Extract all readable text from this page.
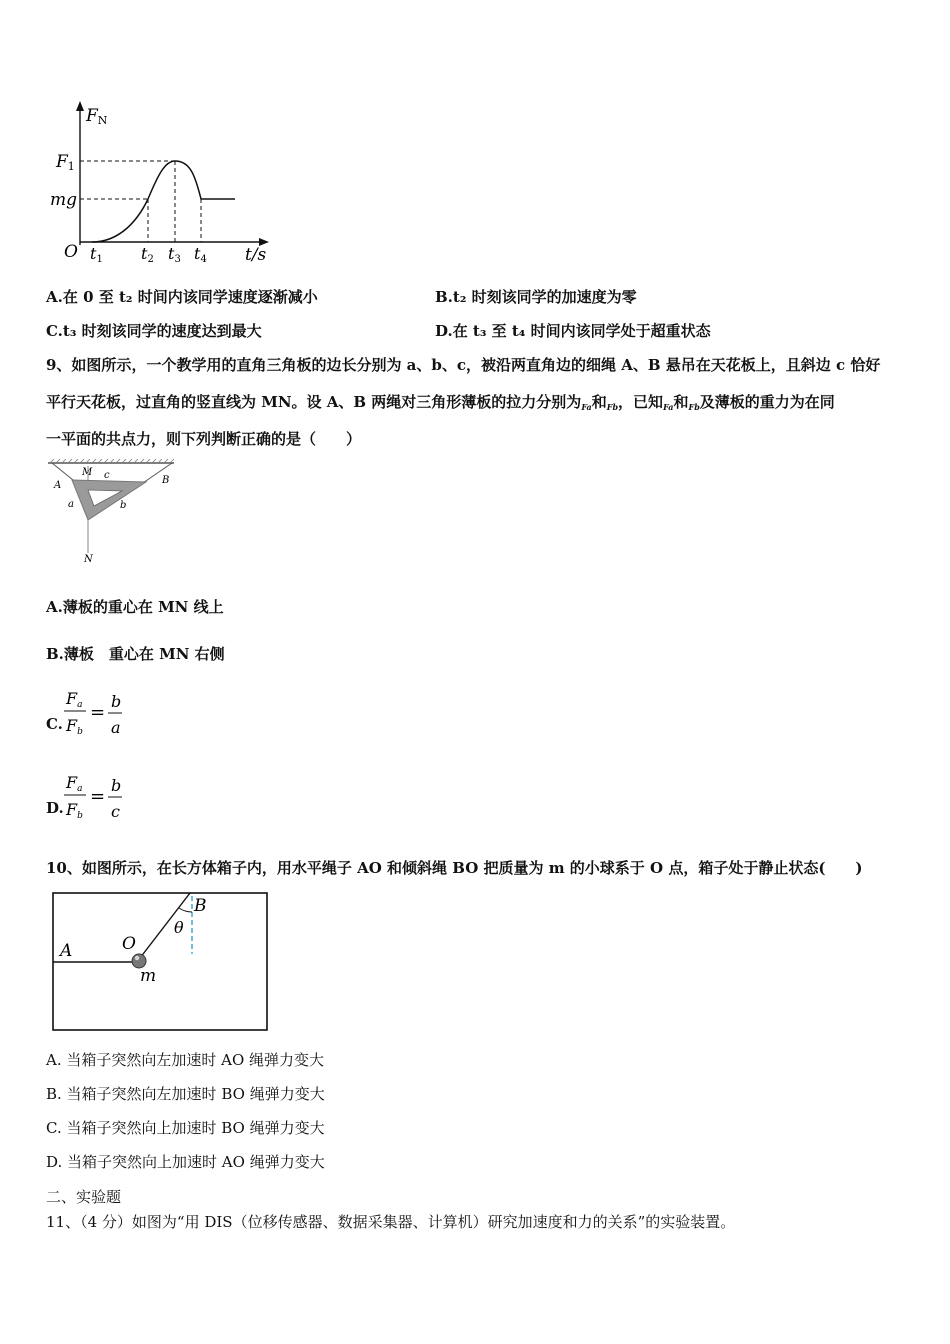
FN
F1
mg
O t1 t2 t3 t4 t/s
A.在 0 至 t₂ 时间内该同学速度逐渐减小	B.t₂ 时刻该同学的加速度为零
C.t₃ 时刻该同学的速度达到最大	D.在 t₃ 至 t₄ 时间内该同学处于超重状态
9、如图所示，一个教学用的直角三角板的边长分别为 a、b、c，被沿两直角边的细绳 A、B 悬吊在天花板上，且斜边 c 恰好
平行天花板，过直角的竖直线为 MN。设 A、B 两绳对三角形薄板的拉力分别为$_{Fa}$和$_{Fb}$，已知$_{Fa}$和$_{Fb}$及薄板的重力为在同
一平面的共点力，则下列判断正确的是（　　）
M c
A	B
a	b
N
A.薄板的重心在 MN 线上
B.薄板　重心在 MN 右侧
C.
Fa
Fb
=
b
a
D.
Fa
Fb
=
b
c
10、如图所示，在长方体箱子内，用水平绳子 AO 和倾斜绳 BO 把质量为 m 的小球系于 O 点，箱子处于静止状态(　　)
A	O
m
B
θ
A. 当箱子突然向左加速时 AO 绳弹力变大
B. 当箱子突然向左加速时 BO 绳弹力变大
C. 当箱子突然向上加速时 BO 绳弹力变大
D. 当箱子突然向上加速时 AO 绳弹力变大
二、实验题
11、（4 分）如图为“用 DIS（位移传感器、数据采集器、计算机）研究加速度和力的关系”的实验装置。
